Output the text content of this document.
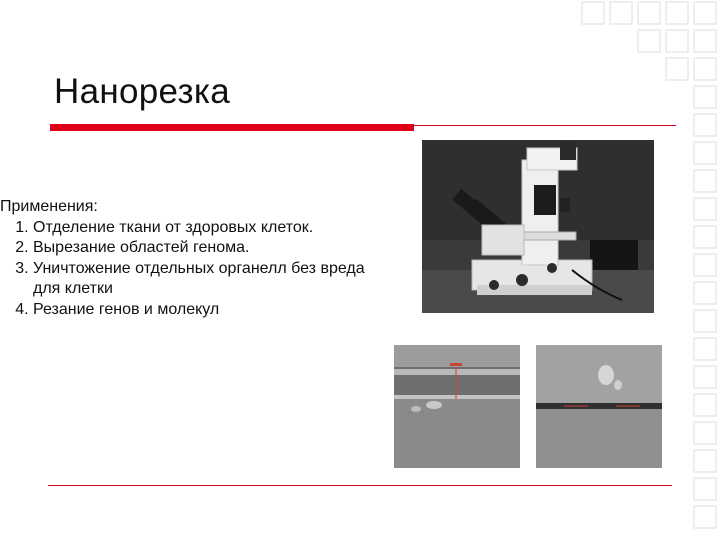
Нанорезка
Применения:
1. Отделение ткани от здоровых клеток.
2. Вырезание областей генома.
3. Уничтожение отдельных органелл без вреда для клетки
4. Резание генов и молекул
